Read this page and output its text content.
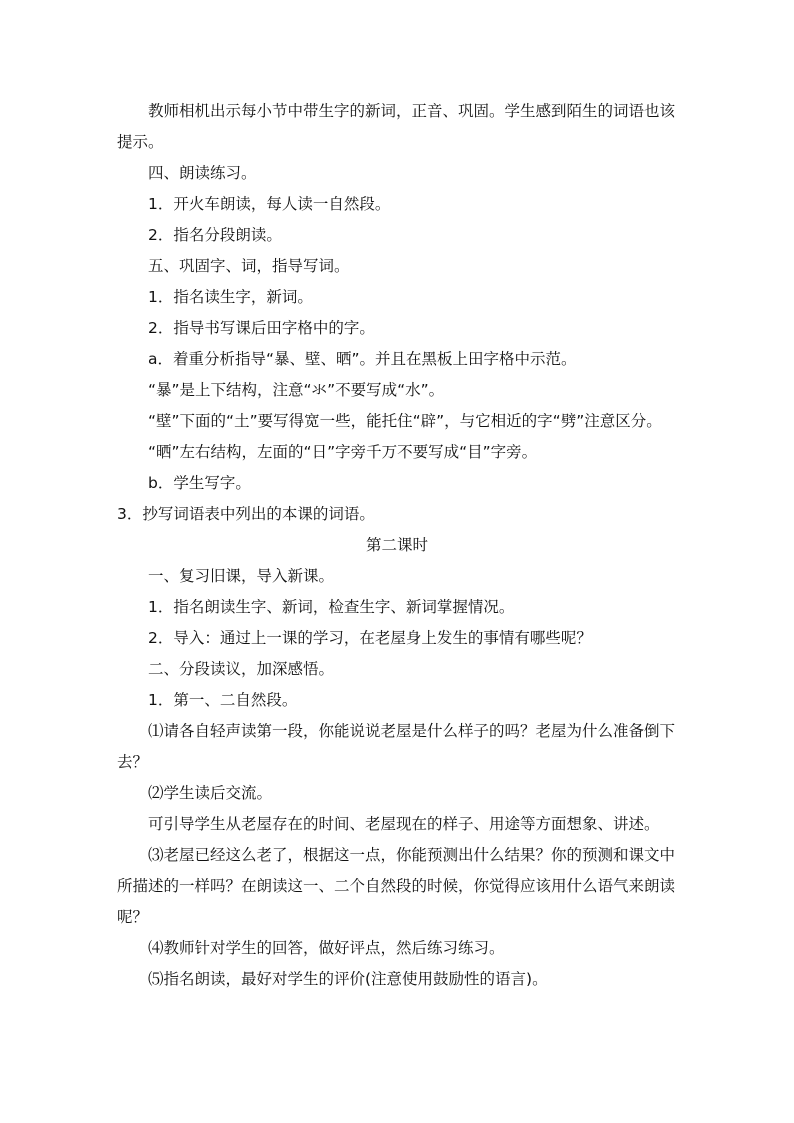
教师相机出示每小节中带生字的新词，正音、巩固。学生感到陌生的词语也该提示。

四、朗读练习。

1．开火车朗读，每人读一自然段。

2．指名分段朗读。

五、巩固字、词，指导写词。

1．指名读生字，新词。

2．指导书写课后田字格中的字。

a．着重分析指导“暴、壁、晒”。并且在黑板上田字格中示范。

“暴”是上下结构，注意“氺”不要写成“水”。

“壁”下面的“土”要写得宽一些，能托住“辟”，与它相近的字“劈”注意区分。

“晒”左右结构，左面的“日”字旁千万不要写成“目”字旁。

b．学生写字。

3．抄写词语表中列出的本课的词语。

第二课时

一、复习旧课，导入新课。

1．指名朗读生字、新词，检查生字、新词掌握情况。

2．导入：通过上一课的学习，在老屋身上发生的事情有哪些呢？

二、分段读议，加深感悟。

1．第一、二自然段。

⑴请各自轻声读第一段，你能说说老屋是什么样子的吗？老屋为什么准备倒下去？

⑵学生读后交流。

可引导学生从老屋存在的时间、老屋现在的样子、用途等方面想象、讲述。

⑶老屋已经这么老了，根据这一点，你能预测出什么结果？你的预测和课文中所描述的一样吗？在朗读这一、二个自然段的时候，你觉得应该用什么语气来朗读呢？

⑷教师针对学生的回答，做好评点，然后练习练习。

⑸指名朗读，最好对学生的评价(注意使用鼓励性的语言)。
